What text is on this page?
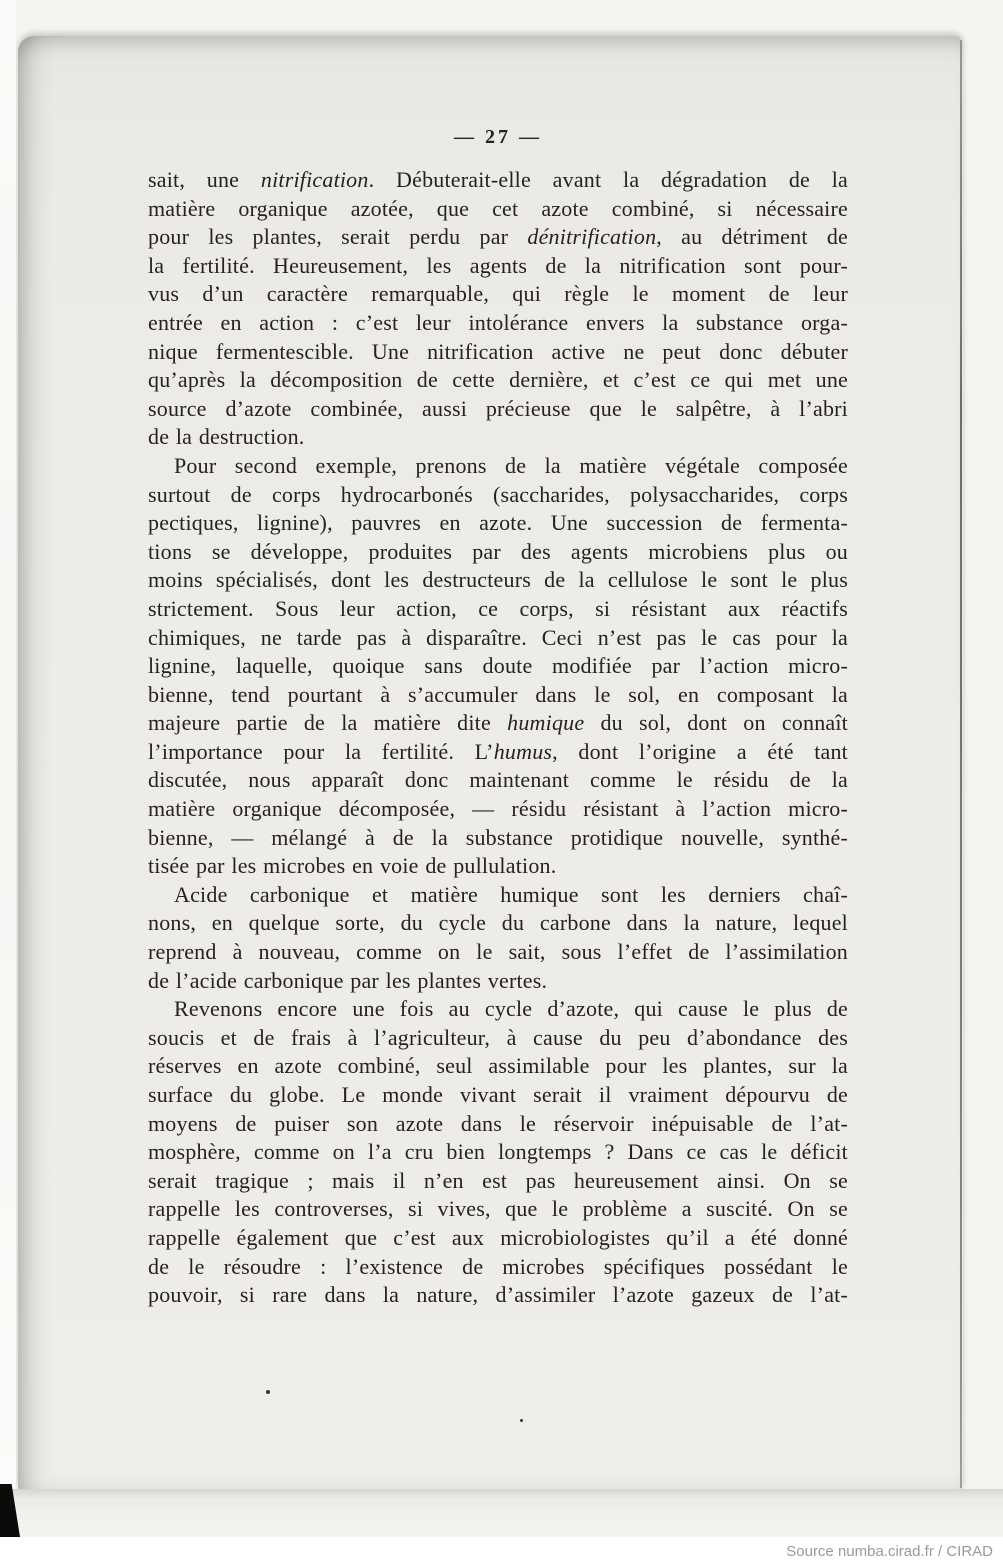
— 27 —
sait, une nitrification. Débuterait-elle avant la dégradation de la
matière organique azotée, que cet azote combiné, si nécessaire
pour les plantes, serait perdu par dénitrification, au détriment de
la fertilité. Heureusement, les agents de la nitrification sont pour-
vus d’un caractère remarquable, qui règle le moment de leur
entrée en action : c’est leur intolérance envers la substance orga-
nique fermentescible. Une nitrification active ne peut donc débuter
qu’après la décomposition de cette dernière, et c’est ce qui met une
source d’azote combinée, aussi précieuse que le salpêtre, à l’abri
de la destruction.
Pour second exemple, prenons de la matière végétale composée
surtout de corps hydrocarbonés (saccharides, polysaccharides, corps
pectiques, lignine), pauvres en azote. Une succession de fermenta-
tions se développe, produites par des agents microbiens plus ou
moins spécialisés, dont les destructeurs de la cellulose le sont le plus
strictement. Sous leur action, ce corps, si résistant aux réactifs
chimiques, ne tarde pas à disparaître. Ceci n’est pas le cas pour la
lignine, laquelle, quoique sans doute modifiée par l’action micro-
bienne, tend pourtant à s’accumuler dans le sol, en composant la
majeure partie de la matière dite humique du sol, dont on connaît
l’importance pour la fertilité. L’humus, dont l’origine a été tant
discutée, nous apparaît donc maintenant comme le résidu de la
matière organique décomposée, — résidu résistant à l’action micro-
bienne, — mélangé à de la substance protidique nouvelle, synthé-
tisée par les microbes en voie de pullulation.
Acide carbonique et matière humique sont les derniers chaî-
nons, en quelque sorte, du cycle du carbone dans la nature, lequel
reprend à nouveau, comme on le sait, sous l’effet de l’assimilation
de l’acide carbonique par les plantes vertes.
Revenons encore une fois au cycle d’azote, qui cause le plus de
soucis et de frais à l’agriculteur, à cause du peu d’abondance des
réserves en azote combiné, seul assimilable pour les plantes, sur la
surface du globe. Le monde vivant serait il vraiment dépourvu de
moyens de puiser son azote dans le réservoir inépuisable de l’at-
mosphère, comme on l’a cru bien longtemps ? Dans ce cas le déficit
serait tragique ; mais il n’en est pas heureusement ainsi. On se
rappelle les controverses, si vives, que le problème a suscité. On se
rappelle également que c’est aux microbiologistes qu’il a été donné
de le résoudre : l’existence de microbes spécifiques possédant le
pouvoir, si rare dans la nature, d’assimiler l’azote gazeux de l’at-
Source numba.cirad.fr / CIRAD
